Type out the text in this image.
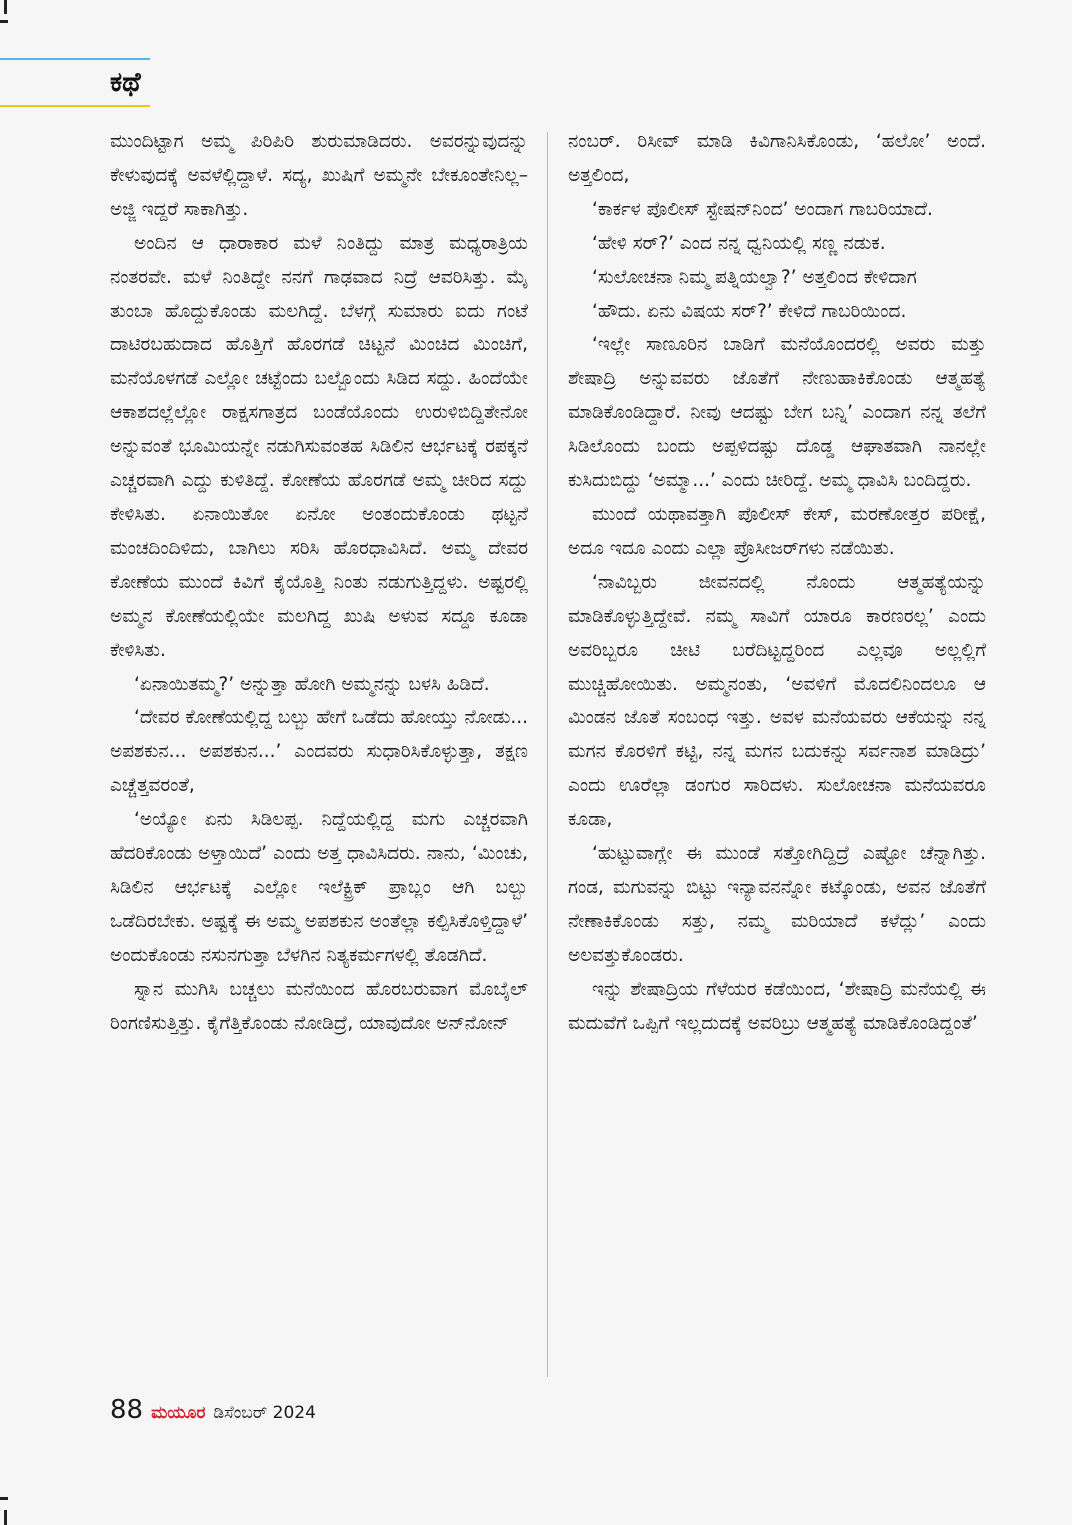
ಕಥೆ

ಮುಂದಿಟ್ಟಾಗ ಅಮ್ಮ ಪಿರಿಪಿರಿ ಶುರುಮಾಡಿದರು. ಅವರನ್ನುವುದನ್ನು ಕೇಳುವುದಕ್ಕೆ ಅವಳೆಲ್ಲಿದ್ದಾಳೆ. ಸದ್ಯ, ಖುಷಿಗೆ ಅಮ್ಮನೇ ಬೇಕೂಂತೇನಿಲ್ಲ– ಅಜ್ಜಿ ಇದ್ದರೆ ಸಾಕಾಗಿತ್ತು.

ಅಂದಿನ ಆ ಧಾರಾಕಾರ ಮಳೆ ನಿಂತಿದ್ದು ಮಾತ್ರ ಮಧ್ಯರಾತ್ರಿಯ ನಂತರವೇ. ಮಳೆ ನಿಂತಿದ್ದೇ ನನಗೆ ಗಾಢವಾದ ನಿದ್ರೆ ಆವರಿಸಿತ್ತು. ಮೈ ತುಂಬಾ ಹೊದ್ದುಕೊಂಡು ಮಲಗಿದ್ದೆ. ಬೆಳಗ್ಗೆ ಸುಮಾರು ಐದು ಗಂಟೆ ದಾಟಿರಬಹುದಾದ ಹೊತ್ತಿಗೆ ಹೊರಗಡೆ ಚಿಟ್ಟನೆ ಮಿಂಚಿದ ಮಿಂಚಿಗೆ, ಮನೆಯೊಳಗಡೆ ಎಲ್ಲೋ ಚಟ್ಟೆಂದು ಬಲ್ಬೊಂದು ಸಿಡಿದ ಸದ್ದು. ಹಿಂದೆಯೇ ಆಕಾಶದಲ್ಲೆಲ್ಲೋ ರಾಕ್ಷಸಗಾತ್ರದ ಬಂಡೆಯೊಂದು ಉರುಳಿಬಿದ್ದಿತೇನೋ ಅನ್ನುವಂತೆ ಭೂಮಿಯನ್ನೇ ನಡುಗಿಸುವಂತಹ ಸಿಡಿಲಿನ ಆರ್ಭಟಕ್ಕೆ ರಪಕ್ಕನೆ ಎಚ್ಚರವಾಗಿ ಎದ್ದು ಕುಳಿತಿದ್ದೆ. ಕೋಣೆಯ ಹೊರಗಡೆ ಅಮ್ಮ ಚೀರಿದ ಸದ್ದು ಕೇಳಿಸಿತು. ಏನಾಯಿತೋ ಏನೋ ಅಂತಂದುಕೊಂಡು ಥಟ್ಟನೆ ಮಂಚದಿಂದಿಳಿದು, ಬಾಗಿಲು ಸರಿಸಿ ಹೊರಧಾವಿಸಿದೆ. ಅಮ್ಮ ದೇವರ ಕೋಣೆಯ ಮುಂದೆ ಕಿವಿಗೆ ಕೈಯೊತ್ತಿ ನಿಂತು ನಡುಗುತ್ತಿದ್ದಳು. ಅಷ್ಟರಲ್ಲಿ ಅಮ್ಮನ ಕೋಣೆಯಲ್ಲಿಯೇ ಮಲಗಿದ್ದ ಖುಷಿ ಅಳುವ ಸದ್ದೂ ಕೂಡಾ ಕೇಳಿಸಿತು.

‘ಏನಾಯಿತಮ್ಮ?’ ಅನ್ನುತ್ತಾ ಹೋಗಿ ಅಮ್ಮನನ್ನು ಬಳಸಿ ಹಿಡಿದೆ.

‘ದೇವರ ಕೋಣೆಯಲ್ಲಿದ್ದ ಬಲ್ಬು ಹೇಗೆ ಒಡೆದು ಹೋಯ್ತು ನೋಡು... ಅಪಶಕುನ... ಅಪಶಕುನ...’ ಎಂದವರು ಸುಧಾರಿಸಿಕೊಳ್ಳುತ್ತಾ, ತಕ್ಷಣ ಎಚ್ಚೆತ್ತವರಂತೆ,

‘ಅಯ್ಯೋ ಏನು ಸಿಡಿಲಪ್ಪ. ನಿದ್ದೆಯಲ್ಲಿದ್ದ ಮಗು ಎಚ್ಚರವಾಗಿ ಹೆದರಿಕೊಂಡು ಅಳ್ತಾಯಿದೆ’ ಎಂದು ಅತ್ತ ಧಾವಿಸಿದರು. ನಾನು, ‘ಮಿಂಚು, ಸಿಡಿಲಿನ ಆರ್ಭಟಕ್ಕೆ ಎಲ್ಲೋ ಇಲೆಕ್ಟ್ರಿಕ್ ಪ್ರಾಬ್ಲಂ ಆಗಿ ಬಲ್ಬು ಒಡೆದಿರಬೇಕು. ಅಷ್ಟಕ್ಕೆ ಈ ಅಮ್ಮ ಅಪಶಕುನ ಅಂತೆಲ್ಲಾ ಕಲ್ಪಿಸಿಕೊಳ್ತಿದ್ದಾಳೆ’ ಅಂದುಕೊಂಡು ನಸುನಗುತ್ತಾ ಬೆಳಗಿನ ನಿತ್ಯಕರ್ಮಗಳಲ್ಲಿ ತೊಡಗಿದೆ.

ಸ್ನಾನ ಮುಗಿಸಿ ಬಚ್ಚಲು ಮನೆಯಿಂದ ಹೊರಬರುವಾಗ ಮೊಬೈಲ್ ರಿಂಗಣಿಸುತ್ತಿತ್ತು. ಕೈಗೆತ್ತಿಕೊಂಡು ನೋಡಿದ್ರೆ, ಯಾವುದೋ ಅನ್‌ನೋನ್

ನಂಬರ್. ರಿಸೀವ್ ಮಾಡಿ ಕಿವಿಗಾನಿಸಿಕೊಂಡು, ‘ಹಲೋ’ ಅಂದೆ. ಅತ್ತಲಿಂದ,

‘ಕಾರ್ಕಳ ಪೊಲೀಸ್ ಸ್ಟೇಷನ್‌ನಿಂದ’ ಅಂದಾಗ ಗಾಬರಿಯಾದೆ.

‘ಹೇಳಿ ಸರ್?’ ಎಂದ ನನ್ನ ಧ್ವನಿಯಲ್ಲಿ ಸಣ್ಣ ನಡುಕ.

‘ಸುಲೋಚನಾ ನಿಮ್ಮ ಪತ್ನಿಯಲ್ವಾ?’ ಅತ್ತಲಿಂದ ಕೇಳಿದಾಗ

‘ಹೌದು. ಏನು ವಿಷಯ ಸರ್?’ ಕೇಳಿದೆ ಗಾಬರಿಯಿಂದ.

‘ಇಲ್ಲೇ ಸಾಣೂರಿನ ಬಾಡಿಗೆ ಮನೆಯೊಂದರಲ್ಲಿ ಅವರು ಮತ್ತು ಶೇಷಾದ್ರಿ ಅನ್ನುವವರು ಜೊತೆಗೆ ನೇಣುಹಾಕಿಕೊಂಡು ಆತ್ಮಹತ್ಯೆ ಮಾಡಿಕೊಂಡಿದ್ದಾರೆ. ನೀವು ಆದಷ್ಟು ಬೇಗ ಬನ್ನಿ’ ಎಂದಾಗ ನನ್ನ ತಲೆಗೆ ಸಿಡಿಲೊಂದು ಬಂದು ಅಪ್ಪಳಿದಷ್ಟು ದೊಡ್ಡ ಆಘಾತವಾಗಿ ನಾನಲ್ಲೇ ಕುಸಿದುಬಿದ್ದು ‘ಅಮ್ಮಾ...’ ಎಂದು ಚೀರಿದ್ದೆ. ಅಮ್ಮ ಧಾವಿಸಿ ಬಂದಿದ್ದರು.

ಮುಂದೆ ಯಥಾವತ್ತಾಗಿ ಪೊಲೀಸ್ ಕೇಸ್, ಮರಣೋತ್ತರ ಪರೀಕ್ಷೆ, ಅದೂ ಇದೂ ಎಂದು ಎಲ್ಲಾ ಪ್ರೊಸೀಜರ್‌ಗಳು ನಡೆಯಿತು.

‘ನಾವಿಬ್ಬರು ಜೀವನದಲ್ಲಿ ನೊಂದು ಆತ್ಮಹತ್ಯೆಯನ್ನು ಮಾಡಿಕೊಳ್ಳುತ್ತಿದ್ದೇವೆ. ನಮ್ಮ ಸಾವಿಗೆ ಯಾರೂ ಕಾರಣರಲ್ಲ’ ಎಂದು ಅವರಿಬ್ಬರೂ ಚೀಟಿ ಬರೆದಿಟ್ಟದ್ದರಿಂದ ಎಲ್ಲವೂ ಅಲ್ಲಲ್ಲಿಗೆ ಮುಚ್ಚಿಹೋಯಿತು. ಅಮ್ಮನಂತು, ‘ಅವಳಿಗೆ ಮೊದಲಿನಿಂದಲೂ ಆ ಮಿಂಡನ ಜೊತೆ ಸಂಬಂಧ ಇತ್ತು. ಅವಳ ಮನೆಯವರು ಆಕೆಯನ್ನು ನನ್ನ ಮಗನ ಕೊರಳಿಗೆ ಕಟ್ಟಿ, ನನ್ನ ಮಗನ ಬದುಕನ್ನು ಸರ್ವನಾಶ ಮಾಡಿದ್ರು’ ಎಂದು ಊರೆಲ್ಲಾ ಡಂಗುರ ಸಾರಿದಳು. ಸುಲೋಚನಾ ಮನೆಯವರೂ ಕೂಡಾ,

‘ಹುಟ್ಟುವಾಗ್ಲೇ ಈ ಮುಂಡೆ ಸತ್ತೋಗಿದ್ದಿದ್ರೆ ಎಷ್ಟೋ ಚೆನ್ನಾಗಿತ್ತು. ಗಂಡ, ಮಗುವನ್ನು ಬಿಟ್ಟು ಇನ್ಯಾವನನ್ನೋ ಕಟ್ಕೊಂಡು, ಅವನ ಜೊತೆಗೆ ನೇಣಾಕಿಕೊಂಡು ಸತ್ತು, ನಮ್ಮ ಮರಿಯಾದೆ ಕಳೆದ್ಲು’ ಎಂದು ಅಲವತ್ತುಕೊಂಡರು.

ಇನ್ನು ಶೇಷಾದ್ರಿಯ ಗೆಳೆಯರ ಕಡೆಯಿಂದ, ‘ಶೇಷಾದ್ರಿ ಮನೆಯಲ್ಲಿ ಈ ಮದುವೆಗೆ ಒಪ್ಪಿಗೆ ಇಲ್ಲದುದಕ್ಕೆ ಅವರಿಬ್ರು ಆತ್ಮಹತ್ಯೆ ಮಾಡಿಕೊಂಡಿದ್ದಂತೆ’

88 ಮಯೂರ ಡಿಸೆಂಬರ್ 2024
